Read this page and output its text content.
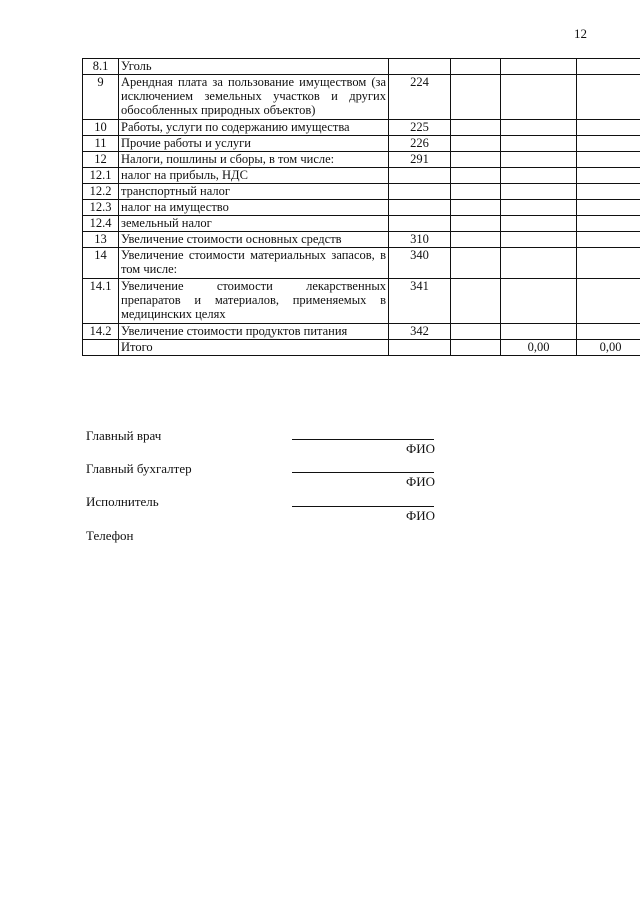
12
8.1	Уголь				
9	Арендная плата за пользование имуществом (за исключением земельных участков и других обособленных природных объектов)	224			
10	Работы, услуги по содержанию имущества	225			
11	Прочие работы и услуги	226			
12	Налоги, пошлины и сборы, в том числе:	291			
12.1	налог на прибыль, НДС				
12.2	транспортный налог				
12.3	налог на имущество				
12.4	земельный налог				
13	Увеличение стоимости основных средств	310			
14	Увеличение стоимости материальных запасов, в том числе:	340			
14.1	Увеличение стоимости лекарственных препаратов и материалов, применяемых в медицинских целях	341			
14.2	Увеличение стоимости продуктов питания	342			
	Итого			0,00	0,00
Главный врач
ФИО
Главный бухгалтер
ФИО
Исполнитель
ФИО
Телефон
